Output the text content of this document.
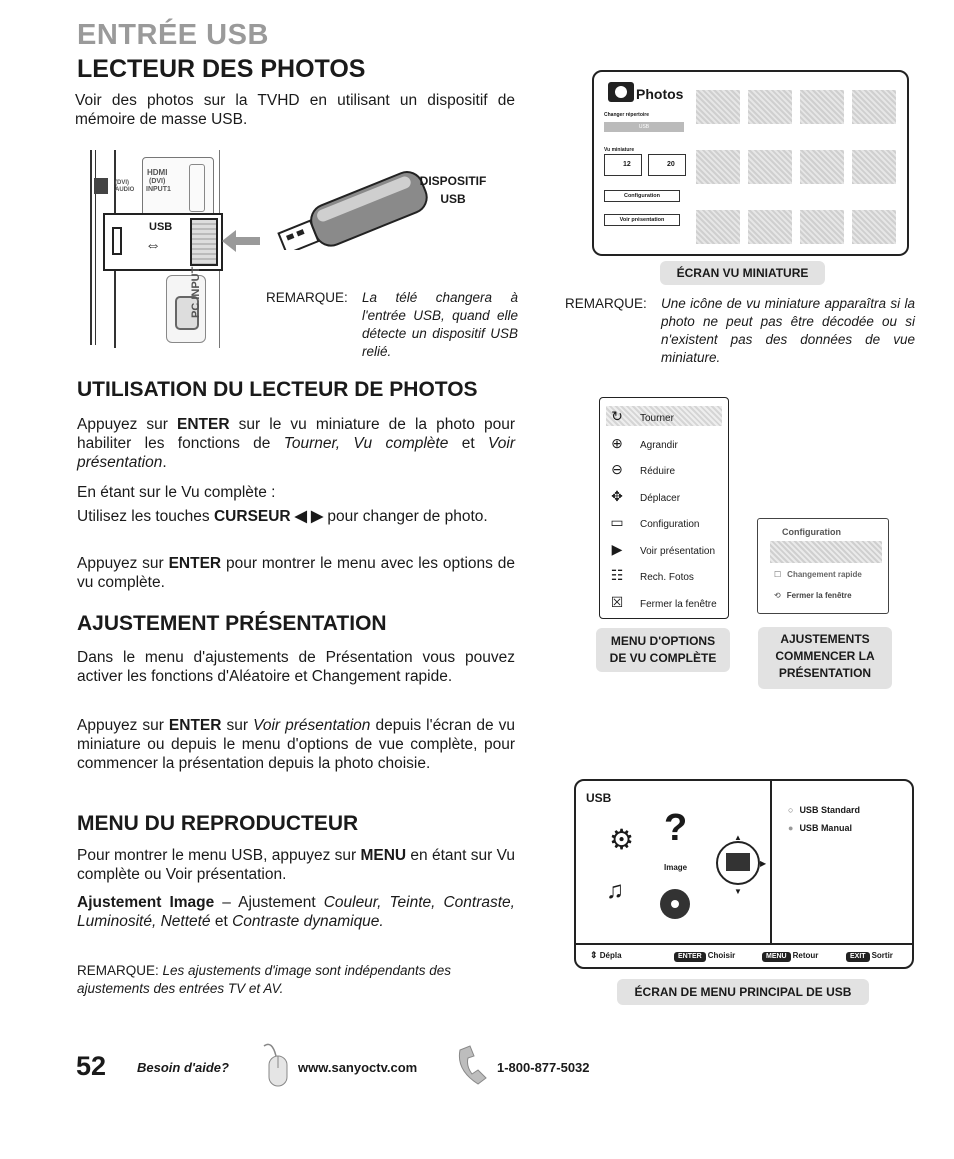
ENTRÉE USB
LECTEUR DES PHOTOS
Voir des photos sur la TVHD en utilisant un dispositif de mémoire de masse USB.
HDMI
(DVI)
INPUT1
(DVI) AUDIO
USB
⇔
PC INPUT
DISPOSITIF
USB
REMARQUE:	La télé changera à l'entrée USB, quand elle détecte un dispositif USB relié.
Photos
Changer répertoire
USB
Vu miniature
12	20
Configuration
Voir présentation
ÉCRAN VU MINIATURE
REMARQUE:	Une icône de vu miniature apparaîtra si la photo ne peut pas être décodée ou si n'existent pas des données de vue miniature.
UTILISATION DU LECTEUR DE PHOTOS
Appuyez sur ENTER sur le vu miniature de la photo pour habiliter les fonctions de Tourner, Vu complète et Voir présentation.
En étant sur le Vu complète :
Utilisez les touches CURSEUR ◀ ▶ pour changer de photo.
Appuyez sur ENTER pour montrer le menu avec les options de vu complète.
↻ Tourner
⊕ Agrandir
⊖ Réduire
✥ Déplacer
▭ Configuration
▶ Voir présentation
☷ Rech. Fotos
☒ Fermer la fenêtre
MENU D'OPTIONS
DE VU COMPLÈTE
Configuration
☐ Changement rapide
⟲ Fermer la fenêtre
AJUSTEMENTS
COMMENCER LA
PRÉSENTATION
AJUSTEMENT PRÉSENTATION
Dans le menu d'ajustements de Présentation vous pouvez activer les fonctions d'Aléatoire et Changement rapide.
Appuyez sur ENTER sur Voir présentation depuis l'écran de vu miniature ou depuis le menu d'options de vue complète, pour commencer la présentation depuis la photo choisie.
MENU DU REPRODUCTEUR
Pour montrer le menu USB, appuyez sur MENU en étant sur Vu complète ou Voir présentation.
Ajustement Image – Ajustement Couleur, Teinte, Contraste, Luminosité, Netteté et Contraste dynamique.
REMARQUE: Les ajustements d'image sont indépendants des ajustements des entrées TV et AV.
USB
⚙ ?
Image
▲
▶
▼
♫
○ USB Standard
● USB Manual
⇕ Dépla	ENTER Choisir	MENU Retour	EXIT Sortir
ÉCRAN DE MENU PRINCIPAL DE USB
52 Besoin d'aide?	www.sanyoctv.com	1-800-877-5032
